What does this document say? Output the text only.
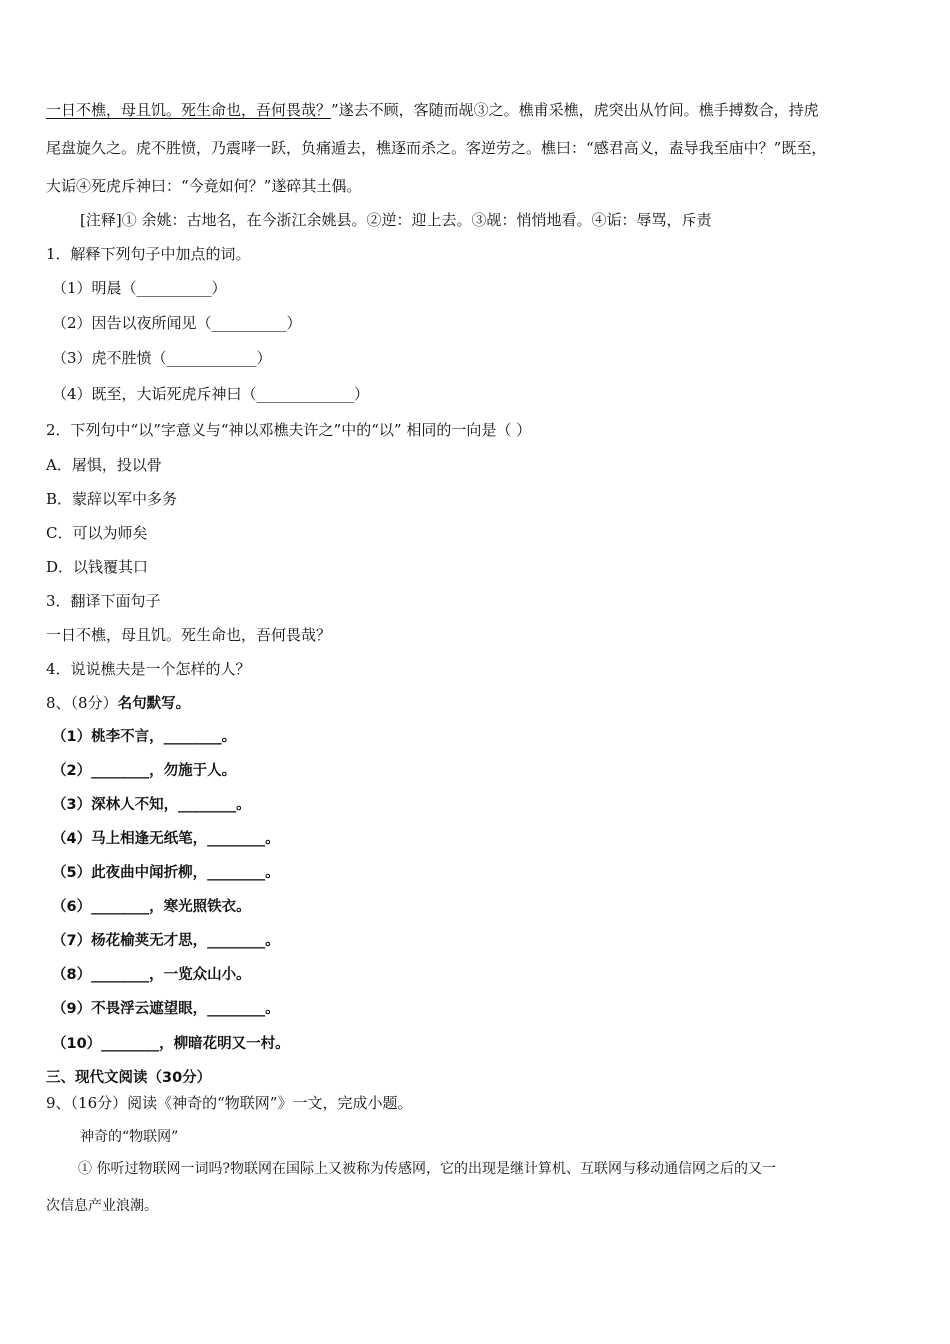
一日不樵，母且饥。死生命也，吾何畏哉？”遂去不顾，客随而觇③之。樵甫采樵，虎突出从竹间。樵手搏数合，持虎
尾盘旋久之。虎不胜愤，乃震哮一跃，负痛遁去，樵逐而杀之。客逆劳之。樵曰：“感君高义，盍导我至庙中？”既至，
大诟④死虎斥神曰：“今竟如何？”遂碎其土偶。
[注释]① 余姚：古地名，在今浙江余姚县。②逆：迎上去。③觇：悄悄地看。④诟：辱骂，斥责
1．解释下列句子中加点的词。
（1）明晨（__________）
（2）因告以夜所闻见（__________）
（3）虎不胜愤（____________）
（4）既至，大诟死虎斥神曰（_____________）
2．下列句中“以”字意义与“神以邓樵夫许之”中的“以” 相同的一向是（ ）
A．屠惧，投以骨
B．蒙辞以军中多务
C．可以为师矣
D．以钱覆其口
3．翻译下面句子
一日不樵，母且饥。死生命也，吾何畏哉？
4．说说樵夫是一个怎样的人？
8、（8分）名句默写。
（1）桃李不言，________。
（2）________，勿施于人。
（3）深林人不知，________。
（4）马上相逢无纸笔，________。
（5）此夜曲中闻折柳，________。
（6）________，寒光照铁衣。
（7）杨花榆荚无才思，________。
（8）________，一览众山小。
（9）不畏浮云遮望眼，________。
（10）________，柳暗花明又一村。
三、现代文阅读（30分）
9、（16分）阅读《神奇的“物联网”》一文，完成小题。
神奇的“物联网”
① 你听过物联网一词吗?物联网在国际上又被称为传感网，它的出现是继计算机、互联网与移动通信网之后的又一
次信息产业浪潮。
